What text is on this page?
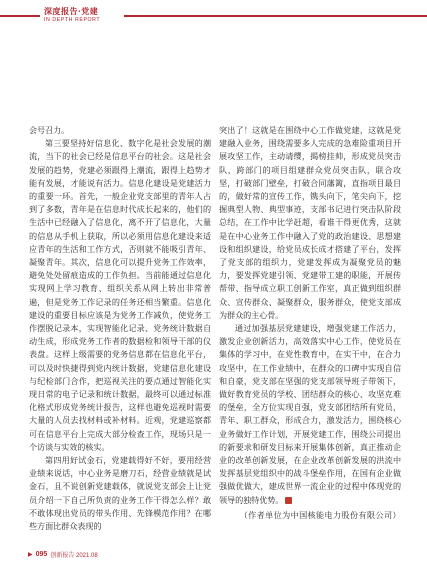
深度报告·党建
IN DEPTH REPORT

会号召力。

第三要坚持好信息化、数字化是社会发展的潮流，当下的社会已经是信息平台的社会。这是社会发展的趋势，党建必须跟得上潮流，跟得上趋势才能有发展，才能说有活力。信息化建设是党建活力的重要一环。首先，一般企业党支部里的青年人占到了多数，青年是在信息时代成长起来的，他们的生活中已经融入了信息化，离不开了信息化，大量的信息从手机上获取，所以必须用信息化建设来适应青年的生活和工作方式，否则就不能吸引青年、凝聚青年。其次，信息化可以提升党务工作效率，避免处处留痕造成的工作负担。当前能通过信息化实现网上学习教育、组织关系从网上转出非常普遍，但是党务工作记录的任务还相当繁重。信息化建设的重要目标应该是为党务工作减负，使党务工作摆脱记录本，实现智能化记录、党务统计数据自动生成，形成党务工作者的数据检和领导干部的仪表盘。这样上级需要的党务信息都在信息化平台，可以及时快捷得到党内统计数据，党建信息化建设与纪检部门合作，把巡视关注的要点通过智能化实现日常的电子记录和统计数据，最终可以通过标准化格式形成党务统计报告，这样也避免巡视时需要大量的人员去找材料或补材料。近观，党建巡察都可在信息平台上完成大部分检查工作，现场只是一个访谈与实效的核实。

第四用好试金石，党建载得好不好，要用经营业绩来说话，中心业务是磨刀石，经营业绩就是试金石，且不说创新党建载体，就说党支部会上让党员介绍一下自己所负责的业务工作干得怎么样？敢不敢体现出党员的带头作用、先锋模范作用？在哪些方面比群众表现的

突出了！这就是在围绕中心工作做党建，这就是党建融入业务，围绕需要多人完成的急难险重项目开展攻坚工作，主动请缨，揭榜挂帅，形成党员突击队，跨部门的项目组建群众党员突击队，联合攻坚，打破部门壁垒，打破合同藩篱，直指项目最目的，做好常的宣传工作，镌头向下，笔尖向下，挖掘典型人物、典型事迹，支部书记进行突击队阶段总结，在工作中比学赶超，看谁干得更优秀，这就是在中心业务工作中融入了党的政治建设、思想建设和组织建设，给党员成长成才搭建了平台，发挥了党支部的组织力，党建发挥成为凝聚党员的魅力，要发挥党建引领、党建带工建的职能，开展传帮带、指导成立职工创新工作室，真正做到组织群众、宣传群众、凝聚群众，服务群众，使党支部成为群众的主心骨。

通过加强基层党建建设，增强党建工作活力，激发企业创新活力，高效落实中心工作，使党员在集体的学习中，在党性教育中，在实干中，在合力攻坚中，在工作业绩中，在群众的口碑中实现自信和自豪，党支部在坚强的党支部领导班子带领下，做好教育党员的学校、团结群众的核心、攻坚克难的堡垒，全方位实现自强，党支部团结所有党员，青年、职工群众，形成合力，激发活力，围绕核心业务做好工作计划，开展党建工作，围绕公司提出的新要求和研发目标来开展集体创新，真正推动企业的改革创新发展，在企业改革创新发展的洪流中发挥基层党组织中的战斗堡垒作用，在国有企业做强做优做大，建成世界一流企业的过程中体现党的领导的独特优势。

（作者单位为中国核能电力股份有限公司）

▶ 095 创新报告 2021.08
